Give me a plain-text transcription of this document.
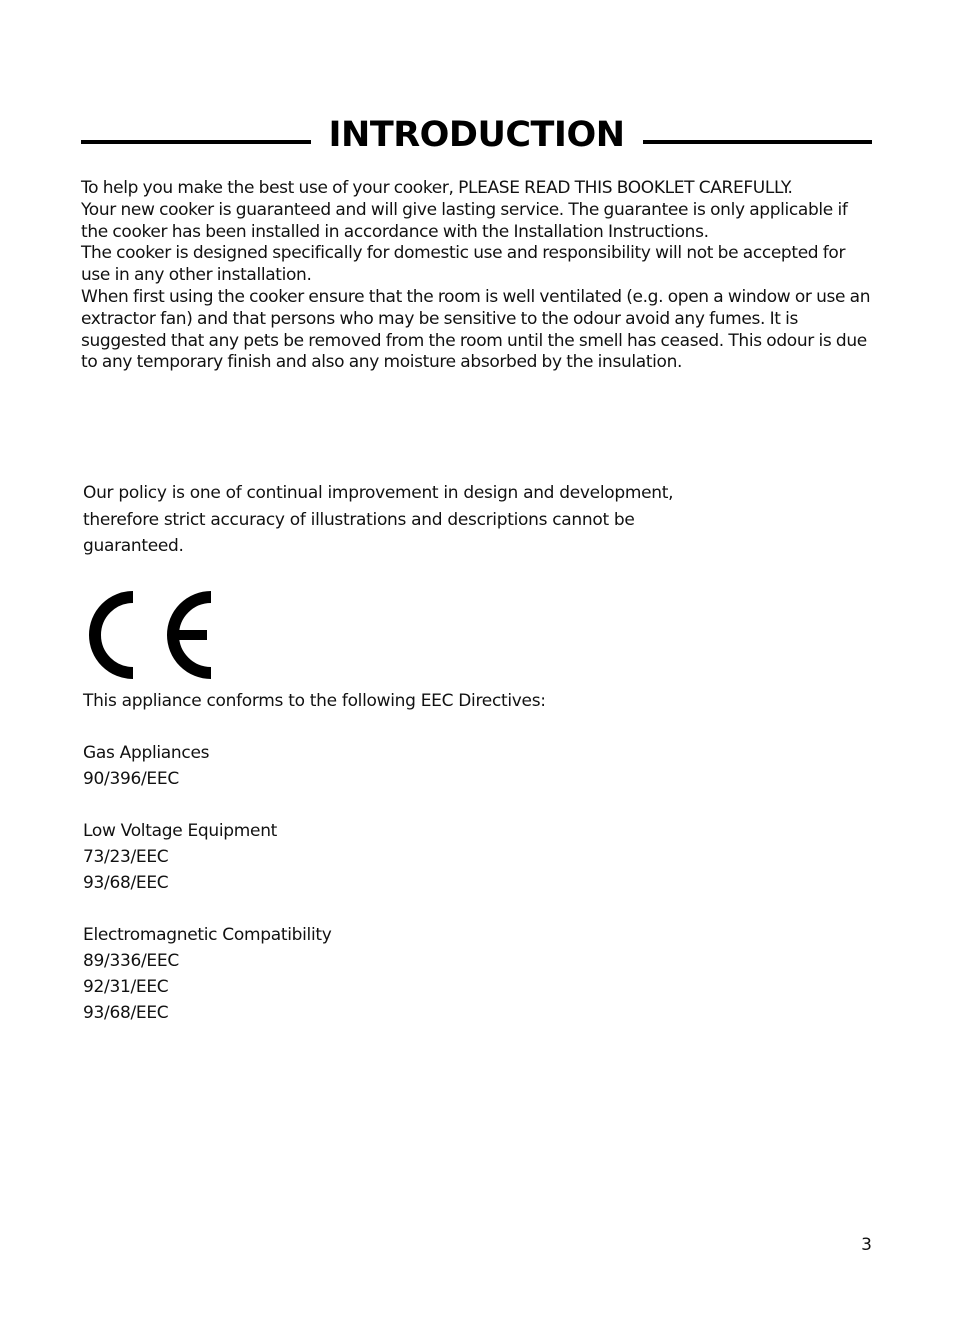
INTRODUCTION

To help you make the best use of your cooker, PLEASE READ THIS BOOKLET CAREFULLY.

Your new cooker is guaranteed and will give lasting service. The guarantee is only applicable if the cooker has been installed in accordance with the Installation Instructions.

The cooker is designed specifically for domestic use and responsibility will not be accepted for use in any other installation.

When first using the cooker ensure that the room is well ventilated (e.g. open a window or use an extractor fan) and that persons who may be sensitive to the odour avoid any fumes. It is suggested that any pets be removed from the room until the smell has ceased. This odour is due to any temporary finish and also any moisture absorbed by the insulation.

Our policy is one of continual improvement in design and development,
therefore strict accuracy of illustrations and descriptions cannot be
guaranteed.
This appliance conforms to the following EEC Directives:
Gas Appliances
90/396/EEC
Low Voltage Equipment
73/23/EEC
93/68/EEC
Electromagnetic Compatibility
89/336/EEC
92/31/EEC
93/68/EEC
3
